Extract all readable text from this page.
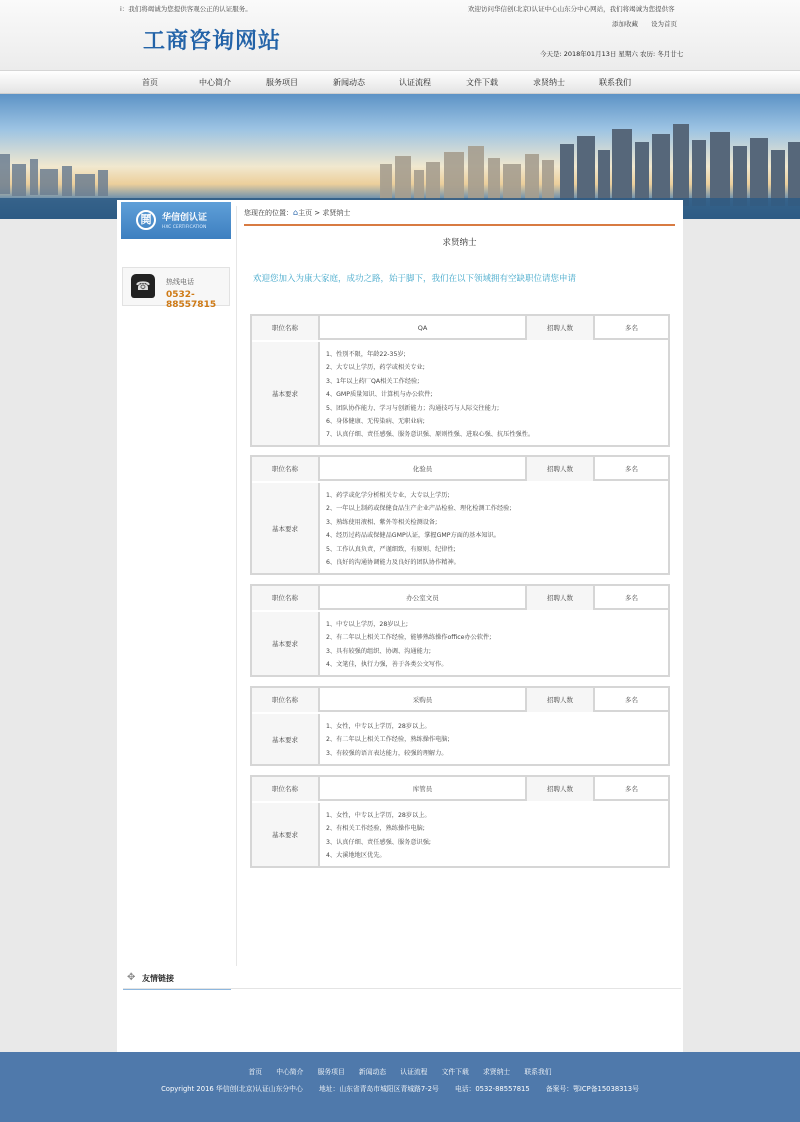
i：我们将竭诚为您提供客观公正的认证服务。	欢迎访问华信创(北京)认证中心山东分中心网站，我们将竭诚为您提供客
添加收藏 设为首页
工商咨询网站	今天是: 2018年01月13日 星期六 农历: 冬月廿七
首页	中心简介	服务项目	新闻动态	认证流程	文件下载	求贤纳士	联系我们
鬨	华信创认证
HXC CERTIFICATION
☎	热线电话
0532-88557815
您现在的位置：⌂主页 > 求贤纳士
求贤纳士
欢迎您加入为康大家庭，成功之路，始于脚下，我们在以下领域拥有空缺职位请您申请
职位名称	QA	招聘人数	多名
基本要求
1、性别不限，年龄22-35岁;
2、大专以上学历，药学或相关专业;
3、1年以上药厂QA相关工作经验;
4、GMP质量知识、计算机与办公软件;
5、团队协作能力、学习与创新能力；沟通技巧与人际交往能力;
6、身体健康、无传染病、无职业病;
7、认真仔细、责任感强、服务意识强、原则性强、进取心强、抗压性强性。
职位名称	化验员	招聘人数	多名
基本要求
1、药学或化学分析相关专业，大专以上学历;
2、一年以上制药或保健食品生产企业产品检验、理化检测工作经验;
3、熟练使用液相、紫外等相关检测设备;
4、经历过药品或保健品GMP认证，掌握GMP方面的基本知识。
5、工作认真负责，严谨细致，有原则、纪律性;
6、良好的沟通协调能力及良好的团队协作精神。
职位名称	办公室文员	招聘人数	多名
基本要求
1、中专以上学历，28岁以上;
2、有二年以上相关工作经验，能够熟练操作office办公软件;
3、具有较强的组织、协调、沟通能力;
4、文笔佳，执行力强，善于各类公文写作。
职位名称	采购员	招聘人数	多名
基本要求
1、女性，中专以上学历，28岁以上。
2、有二年以上相关工作经验，熟练操作电脑;
3、有较强的语言表达能力，较强的理解力。
职位名称	库管员	招聘人数	多名
基本要求
1、女性，中专以上学历，28岁以上。
2、有相关工作经验，熟练操作电脑;
3、认真仔细、责任感强、服务意识强;
4、大溪地地区优先。
✥ 友情链接
首页 中心简介 服务项目 新闻动态 认证流程 文件下载 求贤纳士 联系我们
Copyright 2016 华信创(北京)认证山东分中心 地址：山东省青岛市城阳区青城路7-2号 电话：0532-88557815 备案号：鄂ICP备15038313号
